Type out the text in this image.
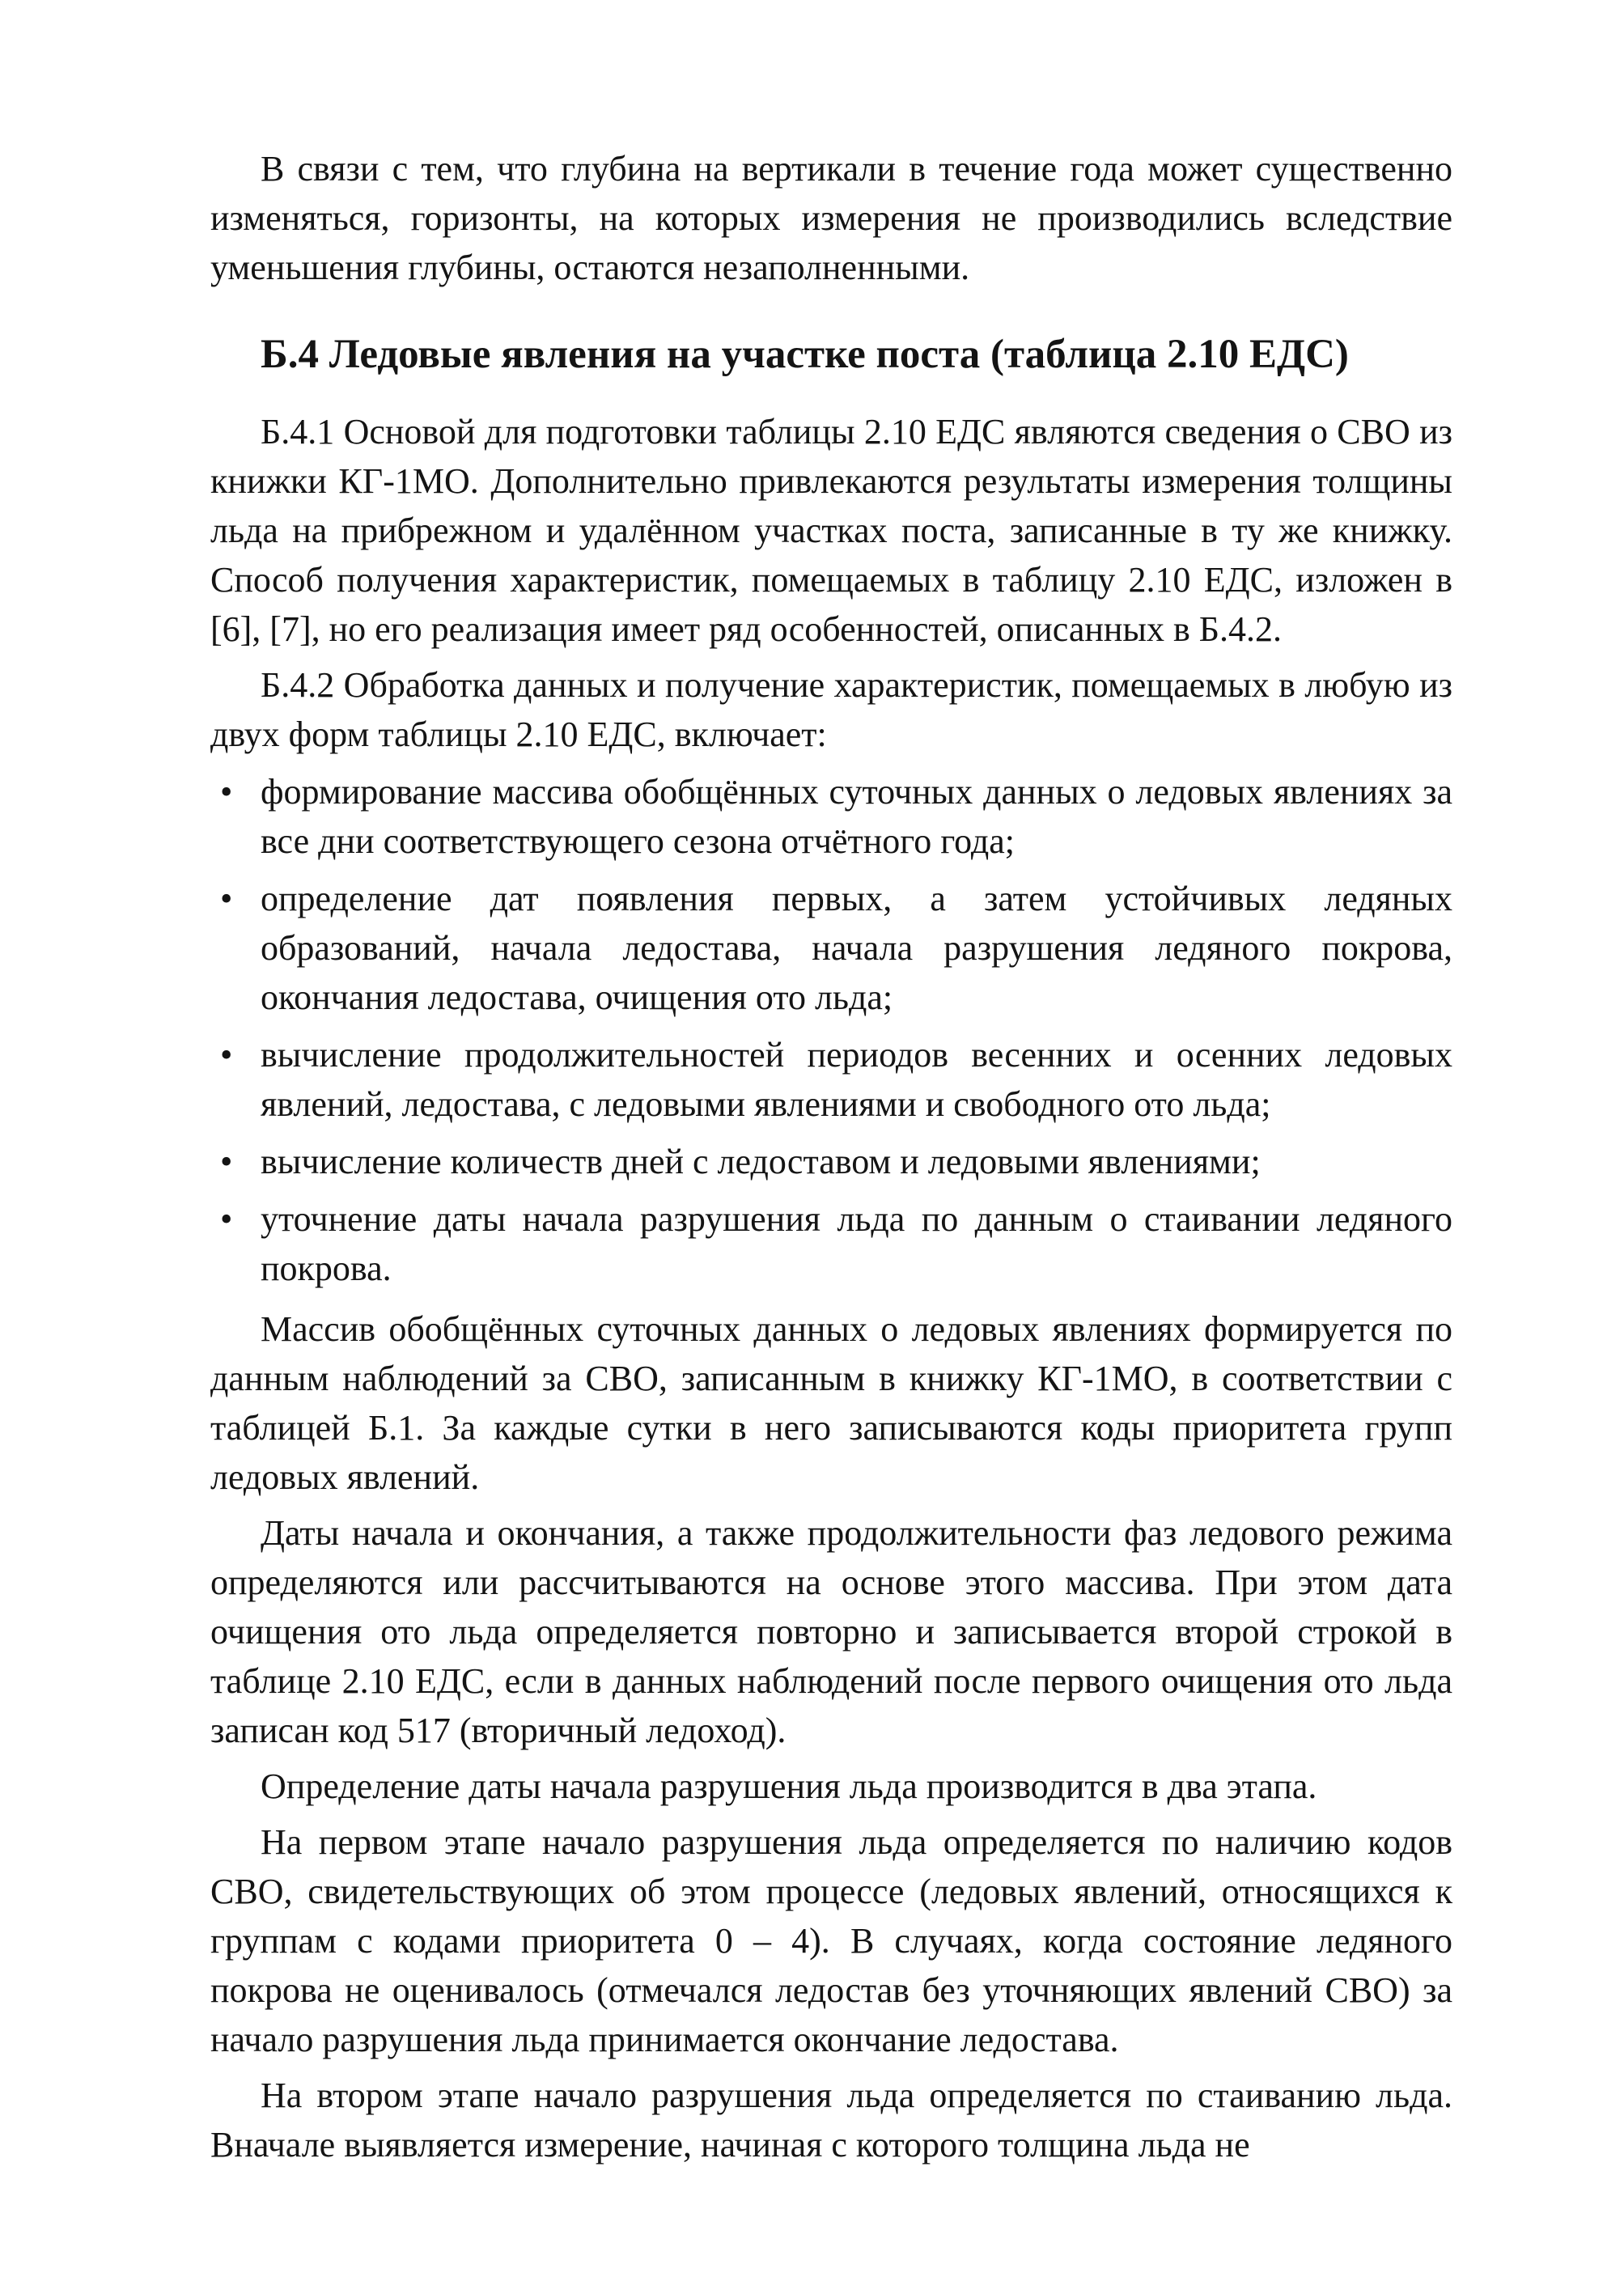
В связи с тем, что глубина на вертикали в течение года может существенно изменяться, горизонты, на которых измерения не производились вследствие уменьшения глубины, остаются незаполненными.

Б.4 Ледовые явления на участке поста (таблица 2.10 ЕДС)

Б.4.1 Основой для подготовки таблицы 2.10 ЕДС являются сведения о СВО из книжки КГ-1МО. Дополнительно привлекаются результаты измерения толщины льда на прибрежном и удалённом участках поста, записанные в ту же книжку. Способ получения характеристик, помещаемых в таблицу 2.10 ЕДС, изложен в [6], [7], но его реализация имеет ряд особенностей, описанных в Б.4.2.

Б.4.2 Обработка данных и получение характеристик, помещаемых в любую из двух форм таблицы 2.10 ЕДС, включает:

• формирование массива обобщённых суточных данных о ледовых явлениях за все дни соответствующего сезона отчётного года;

• определение дат появления первых, а затем устойчивых ледяных образований, начала ледостава, начала разрушения ледяного покрова, окончания ледостава, очищения ото льда;

• вычисление продолжительностей периодов весенних и осенних ледовых явлений, ледостава, с ледовыми явлениями и свободного ото льда;

• вычисление количеств дней с ледоставом и ледовыми явлениями;

• уточнение даты начала разрушения льда по данным о стаивании ледяного покрова.

Массив обобщённых суточных данных о ледовых явлениях формируется по данным наблюдений за СВО, записанным в книжку КГ-1МО, в соответствии с таблицей Б.1. За каждые сутки в него записываются коды приоритета групп ледовых явлений.

Даты начала и окончания, а также продолжительности фаз ледового режима определяются или рассчитываются на основе этого массива. При этом дата очищения ото льда определяется повторно и записывается второй строкой в таблице 2.10 ЕДС, если в данных наблюдений после первого очищения ото льда записан код 517 (вторичный ледоход).

Определение даты начала разрушения льда производится в два этапа.

На первом этапе начало разрушения льда определяется по наличию кодов СВО, свидетельствующих об этом процессе (ледовых явлений, относящихся к группам с кодами приоритета 0 – 4). В случаях, когда состояние ледяного покрова не оценивалось (отмечался ледостав без уточняющих явлений СВО) за начало разрушения льда принимается окончание ледостава.

На втором этапе начало разрушения льда определяется по стаиванию льда. Вначале выявляется измерение, начиная с которого толщина льда не
